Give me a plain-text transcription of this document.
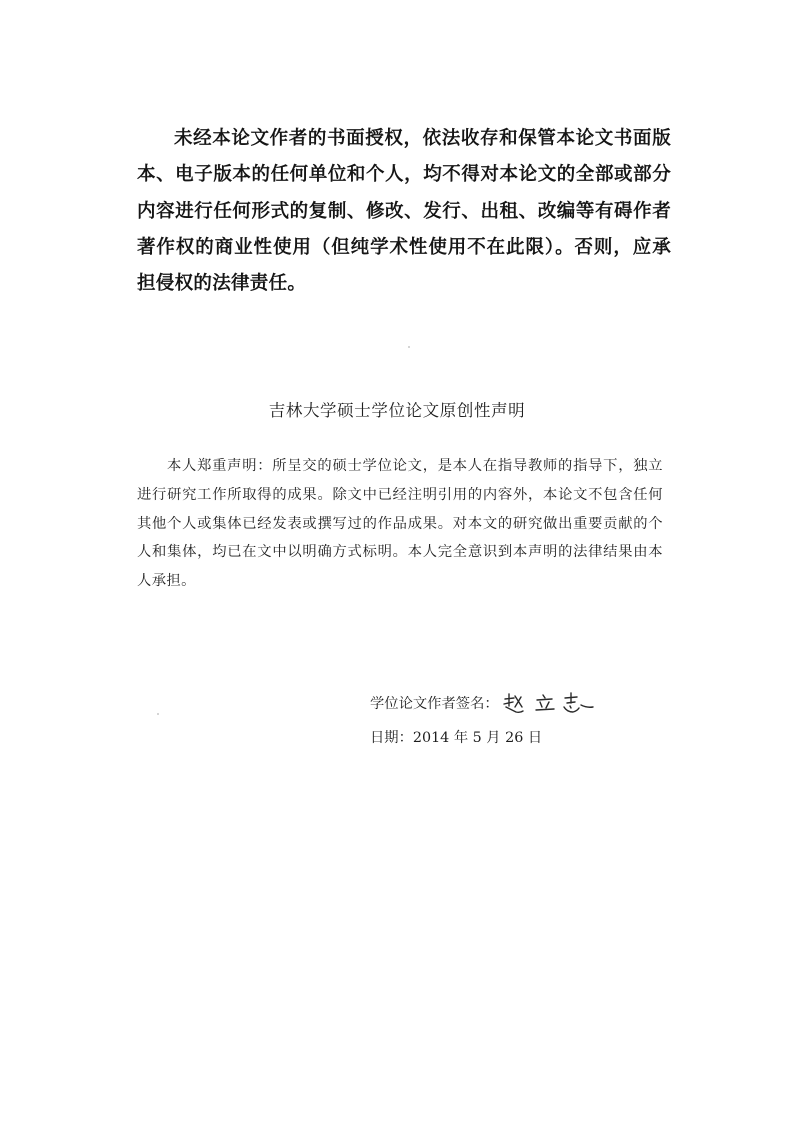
未经本论文作者的书面授权，依法收存和保管本论文书面版本、电子版本的任何单位和个人，均不得对本论文的全部或部分内容进行任何形式的复制、修改、发行、出租、改编等有碍作者著作权的商业性使用（但纯学术性使用不在此限）。否则，应承担侵权的法律责任。

吉林大学硕士学位论文原创性声明

本人郑重声明：所呈交的硕士学位论文，是本人在指导教师的指导下，独立进行研究工作所取得的成果。除文中已经注明引用的内容外，本论文不包含任何其他个人或集体已经发表或撰写过的作品成果。对本文的研究做出重要贡献的个人和集体，均已在文中以明确方式标明。本人完全意识到本声明的法律结果由本人承担。

学位论文作者签名：
日期： 2014 年 5 月 26 日
